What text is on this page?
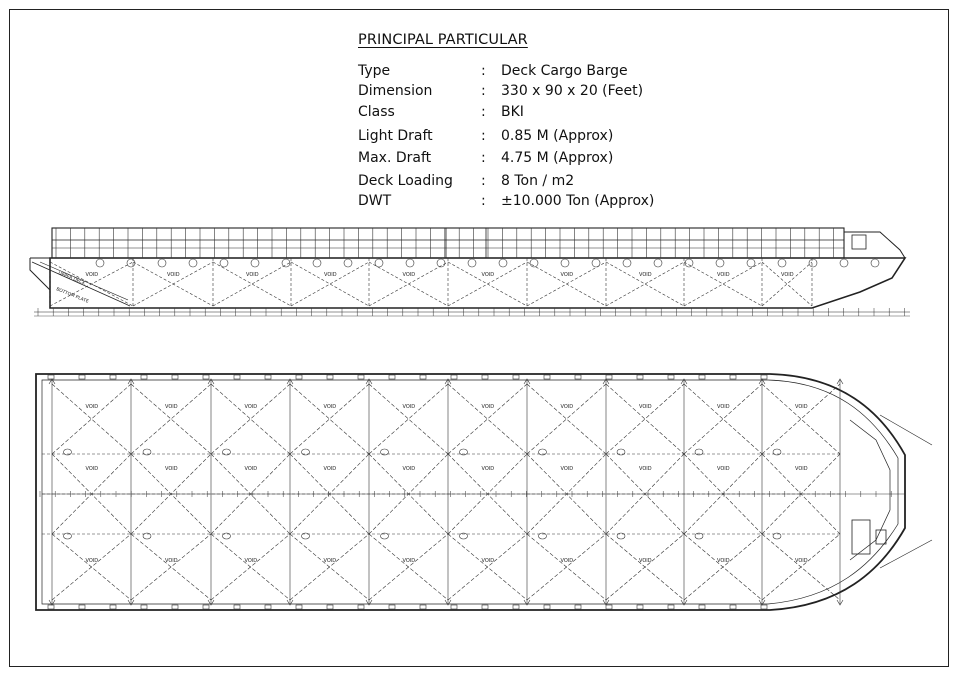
PRINCIPAL PARTICULAR
Type	: Deck Cargo Barge
Dimension	: 330 x 90 x 20 (Feet)
Class	: BKI
Light Draft	: 0.85 M (Approx)
Max. Draft	: 4.75 M (Approx)
Deck Loading : 8 Ton / m2
DWT	: ±10.000 Ton (Approx)
VOID	VOID	VOID	VOID	VOID	VOID	VOID	VOID	VOID	VOID
UPPER DECK
BOTTOM PLATE
VOID
VOID
VOID
VOID
VOID
VOID
VOID
VOID
VOID
VOID
VOID
VOID
VOID
VOID
VOID
VOID
VOID
VOID
VOID
VOID
VOID
VOID
VOID
VOID
VOID
VOID
VOID
VOID
VOID
VOID
